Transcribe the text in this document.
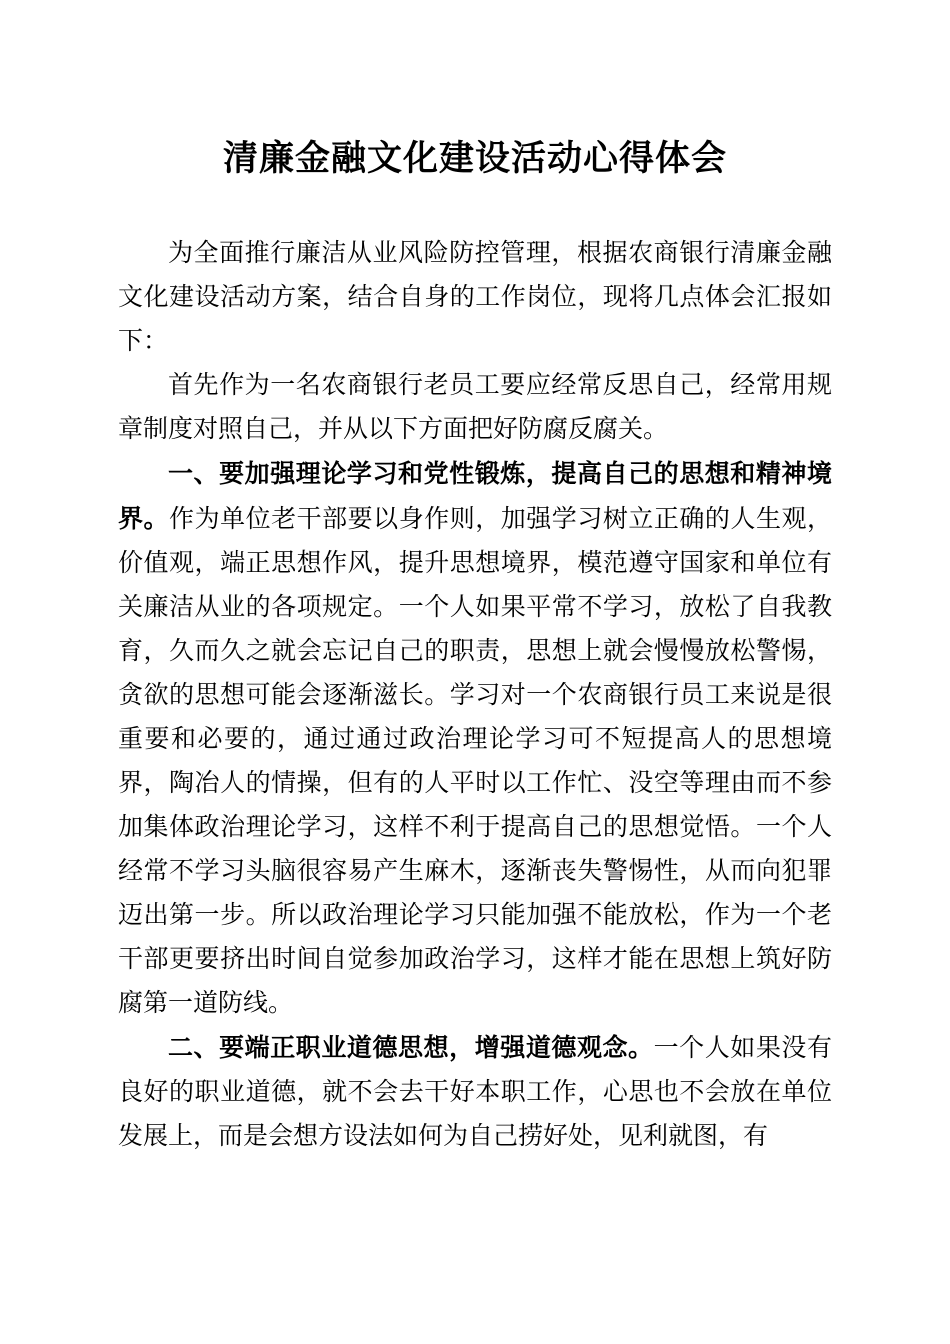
清廉金融文化建设活动心得体会

为全面推行廉洁从业风险防控管理，根据农商银行清廉金融文化建设活动方案，结合自身的工作岗位，现将几点体会汇报如下：

首先作为一名农商银行老员工要应经常反思自己，经常用规章制度对照自己，并从以下方面把好防腐反腐关。

一、要加强理论学习和党性锻炼，提高自己的思想和精神境界。作为单位老干部要以身作则，加强学习树立正确的人生观，价值观，端正思想作风，提升思想境界，模范遵守国家和单位有关廉洁从业的各项规定。一个人如果平常不学习，放松了自我教育，久而久之就会忘记自己的职责，思想上就会慢慢放松警惕，贪欲的思想可能会逐渐滋长。学习对一个农商银行员工来说是很重要和必要的，通过通过政治理论学习可不短提高人的思想境界，陶冶人的情操，但有的人平时以工作忙、没空等理由而不参加集体政治理论学习，这样不利于提高自己的思想觉悟。一个人经常不学习头脑很容易产生麻木，逐渐丧失警惕性，从而向犯罪迈出第一步。所以政治理论学习只能加强不能放松，作为一个老干部更要挤出时间自觉参加政治学习，这样才能在思想上筑好防腐第一道防线。

二、要端正职业道德思想，增强道德观念。一个人如果没有良好的职业道德，就不会去干好本职工作，心思也不会放在单位发展上，而是会想方设法如何为自己捞好处，见利就图，有
